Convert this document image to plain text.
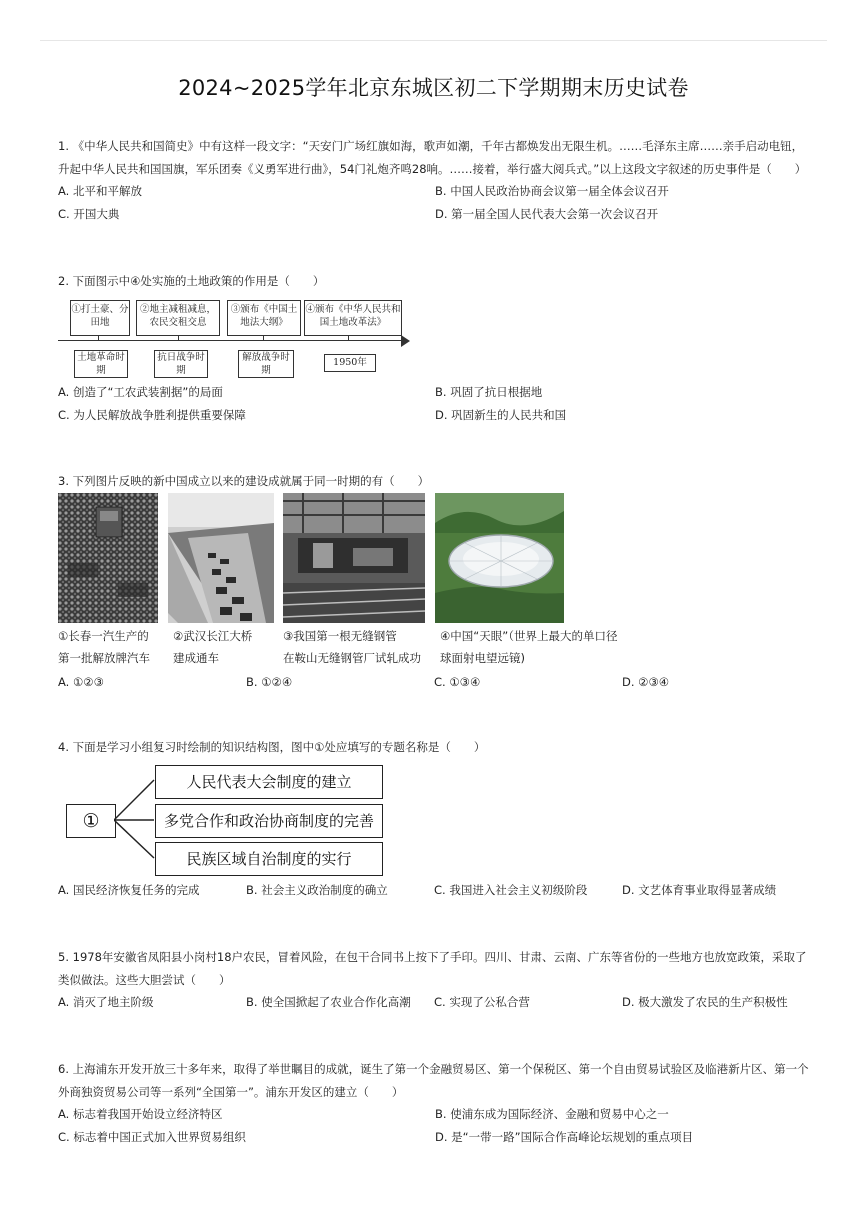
2024~2025学年北京东城区初二下学期期末历史试卷
1. 《中华人民共和国简史》中有这样一段文字：“天安门广场红旗如海，歌声如潮，千年古都焕发出无限生机。……毛泽东主席……亲手启动电钮，升起中华人民共和国国旗，军乐团奏《义勇军进行曲》，54门礼炮齐鸣28响。……接着，举行盛大阅兵式。”以上这段文字叙述的历史事件是（　　）
A. 北平和平解放	B. 中国人民政治协商会议第一届全体会议召开
C. 开国大典	D. 第一届全国人民代表大会第一次会议召开
2. 下面图示中④处实施的土地政策的作用是（　　）
①打土豪、分田地
②地主减租减息，农民交租交息
③颁布《中国土地法大纲》
④颁布《中华人民共和国土地改革法》
土地革命时期
抗日战争时期
解放战争时期
1950年
A. 创造了“工农武装割据”的局面	B. 巩固了抗日根据地
C. 为人民解放战争胜利提供重要保障	D. 巩固新生的人民共和国
3. 下列图片反映的新中国成立以来的建设成就属于同一时期的有（　　）
①长春一汽生产的
第一批解放牌汽车
②武汉长江大桥
建成通车
③我国第一根无缝钢管
在鞍山无缝钢管厂试轧成功
④中国“天眼”（世界上最大的单口径
球面射电望远镜)
A. ①②③	B. ①②④	C. ①③④	D. ②③④
4. 下面是学习小组复习时绘制的知识结构图，图中①处应填写的专题名称是（　　）
①
人民代表大会制度的建立
多党合作和政治协商制度的完善
民族区域自治制度的实行
A. 国民经济恢复任务的完成	B. 社会主义政治制度的确立	C. 我国进入社会主义初级阶段	D. 文艺体育事业取得显著成绩
5. 1978年安徽省凤阳县小岗村18户农民，冒着风险，在包干合同书上按下了手印。四川、甘肃、云南、广东等省份的一些地方也放宽政策，采取了类似做法。这些大胆尝试（　　）
A. 消灭了地主阶级	B. 使全国掀起了农业合作化高潮 C. 实现了公私合营	D. 极大激发了农民的生产积极性
6. 上海浦东开发开放三十多年来，取得了举世瞩目的成就，诞生了第一个金融贸易区、第一个保税区、第一个自由贸易试验区及临港新片区、第一个外商独资贸易公司等一系列“全国第一”。浦东开发区的建立（　　）
A. 标志着我国开始设立经济特区	B. 使浦东成为国际经济、金融和贸易中心之一
C. 标志着中国正式加入世界贸易组织	D. 是“一带一路”国际合作高峰论坛规划的重点项目
